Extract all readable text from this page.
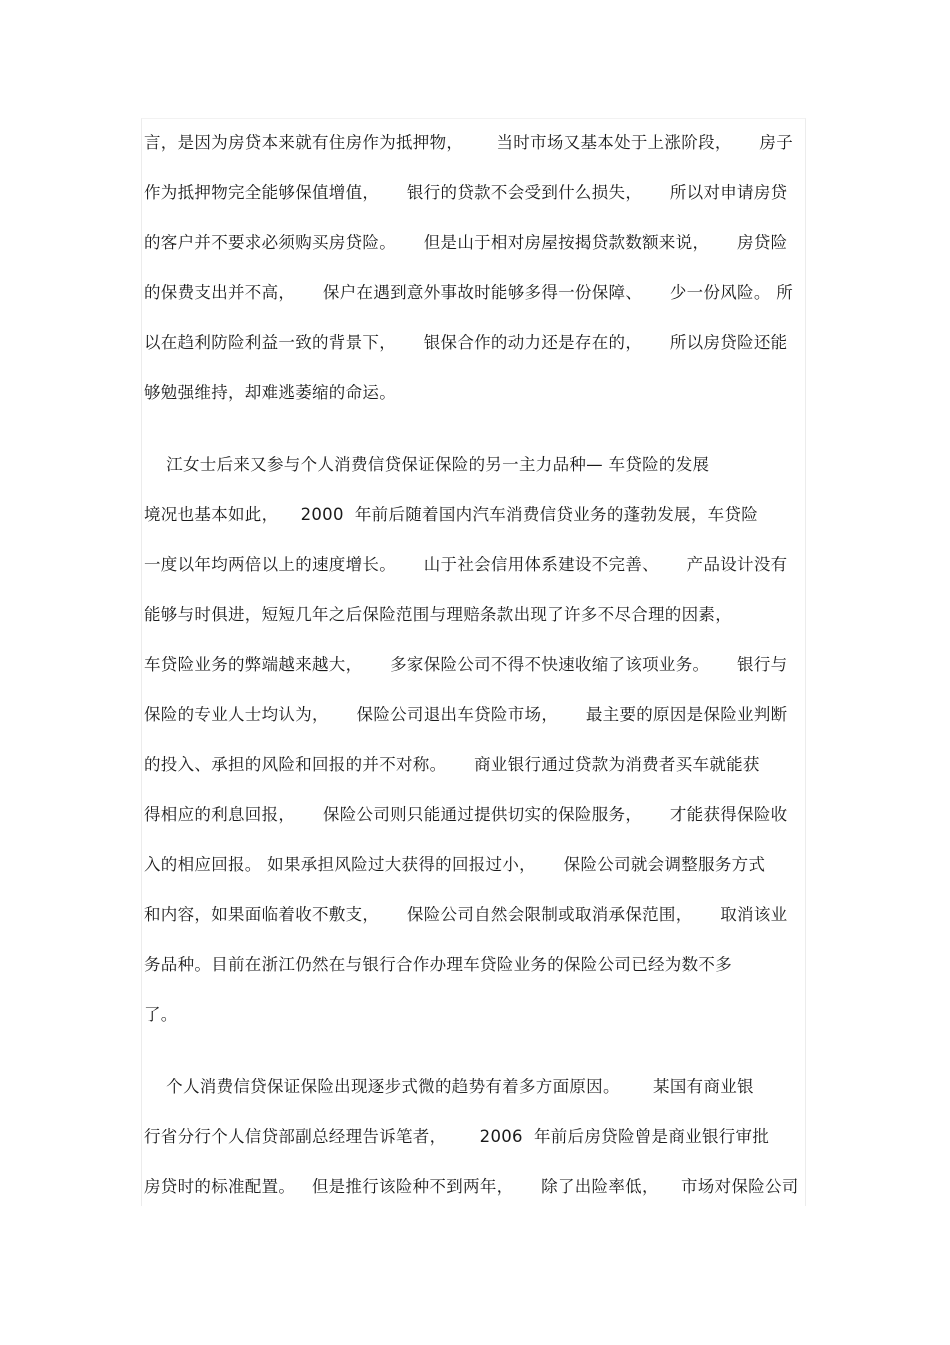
言，是因为房贷本来就有住房作为抵押物，      当时市场又基本处于上涨阶段，     房子
作为抵押物完全能够保值增值，     银行的贷款不会受到什么损失，     所以对申请房贷
的客户并不要求必须购买房贷险。     但是山于相对房屋按揭贷款数额来说，     房贷险
的保费支出并不高，     保户在遇到意外事故时能够多得一份保障、     少一份风险。 所
以在趋利防险利益一致的背景下，     银保合作的动力还是存在的，     所以房贷险还能
够勉强维持，却难逃萎缩的命运。
江女士后来又参与个人消费信贷保证保险的另一主力品种— 车贷险的发展
境况也基本如此，    2000  年前后随着国内汽车消费信贷业务的蓬勃发展，车贷险
一度以年均两倍以上的速度增长。     山于社会信用体系建设不完善、     产品设计没有
能够与时俱进，短短几年之后保险范围与理赔条款出现了许多不尽合理的因素，
车贷险业务的弊端越来越大，     多家保险公司不得不快速收缩了该项业务。     银行与
保险的专业人士均认为，     保险公司退出车贷险市场，     最主要的原因是保险业判断
的投入、承担的风险和回报的并不对称。     商业银行通过贷款为消费者买车就能获
得相应的利息回报，     保险公司则只能通过提供切实的保险服务，     才能获得保险收
入的相应回报。 如果承担风险过大获得的回报过小，     保险公司就会调整服务方式
和内容，如果面临着收不敷支，     保险公司自然会限制或取消承保范围，     取消该业
务品种。目前在浙江仍然在与银行合作办理车贷险业务的保险公司已经为数不多
了。
个人消费信贷保证保险出现逐步式微的趋势有着多方面原因。      某国有商业银
行省分行个人信贷部副总经理告诉笔者，      2006  年前后房贷险曾是商业银行审批
房贷时的标准配置。   但是推行该险种不到两年，     除了出险率低，    市场对保险公司
